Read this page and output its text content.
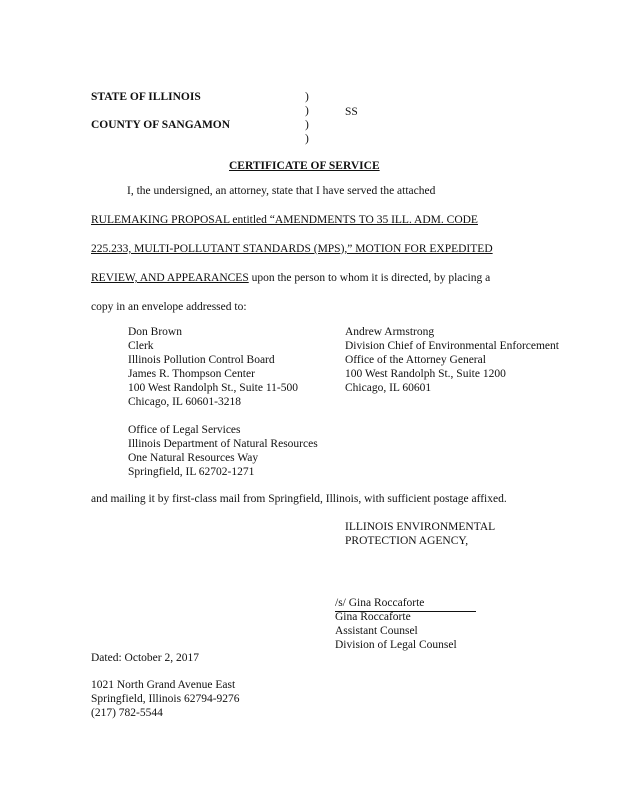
STATE OF ILLINOIS
COUNTY OF SANGAMON
)
)
)
)
SS
CERTIFICATE OF SERVICE
I, the undersigned, an attorney, state that I have served the attached
RULEMAKING PROPOSAL entitled “AMENDMENTS TO 35 ILL. ADM. CODE
225.233, MULTI-POLLUTANT STANDARDS (MPS),” MOTION FOR EXPEDITED
REVIEW, AND APPEARANCES upon the person to whom it is directed, by placing a
copy in an envelope addressed to:
Don Brown
Clerk
Illinois Pollution Control Board
James R. Thompson Center
100 West Randolph St., Suite 11-500
Chicago, IL 60601-3218
Andrew Armstrong
Division Chief of Environmental Enforcement
Office of the Attorney General
100 West Randolph St., Suite 1200
Chicago, IL 60601
Office of Legal Services
Illinois Department of Natural Resources
One Natural Resources Way
Springfield, IL 62702-1271
and mailing it by first-class mail from Springfield, Illinois, with sufficient postage affixed.
ILLINOIS ENVIRONMENTAL
PROTECTION AGENCY,
/s/ Gina Roccaforte
Gina Roccaforte
Assistant Counsel
Division of Legal Counsel
Dated: October 2, 2017
1021 North Grand Avenue East
Springfield, Illinois 62794-9276
(217) 782-5544
